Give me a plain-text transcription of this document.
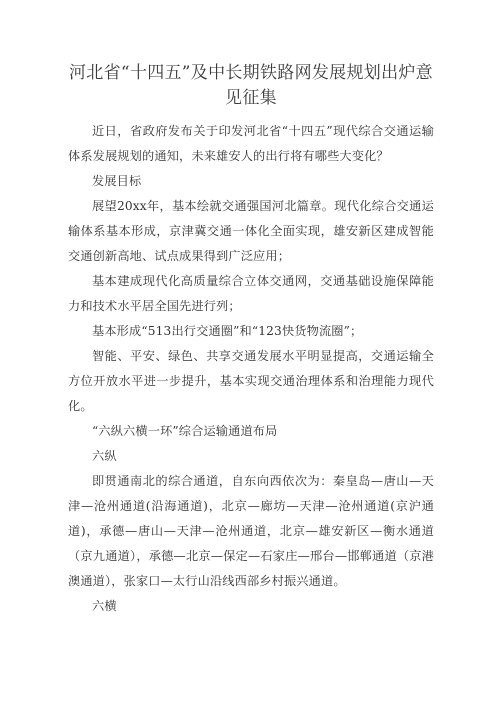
河北省“十四五”及中长期铁路网发展规划出炉意见征集

近日，省政府发布关于印发河北省“十四五”现代综合交通运输体系发展规划的通知，未来雄安人的出行将有哪些大变化？

发展目标

展望20xx年，基本绘就交通强国河北篇章。现代化综合交通运输体系基本形成，京津冀交通一体化全面实现，雄安新区建成智能交通创新高地、试点成果得到广泛应用；

基本建成现代化高质量综合立体交通网，交通基础设施保障能力和技术水平居全国先进行列；

基本形成“513出行交通圈”和“123快货物流圈”；

智能、平安、绿色、共享交通发展水平明显提高，交通运输全方位开放水平进一步提升，基本实现交通治理体系和治理能力现代化。

“六纵六横一环”综合运输通道布局

六纵

即贯通南北的综合通道，自东向西依次为：秦皇岛—唐山—天津—沧州通道(沿海通道)，北京—廊坊—天津—沧州通道(京沪通道)，承德—唐山—天津—沧州通道，北京—雄安新区—衡水通道（京九通道），承德—北京—保定—石家庄—邢台—邯郸通道（京港澳通道），张家口—太行山沿线西部乡村振兴通道。

六横
